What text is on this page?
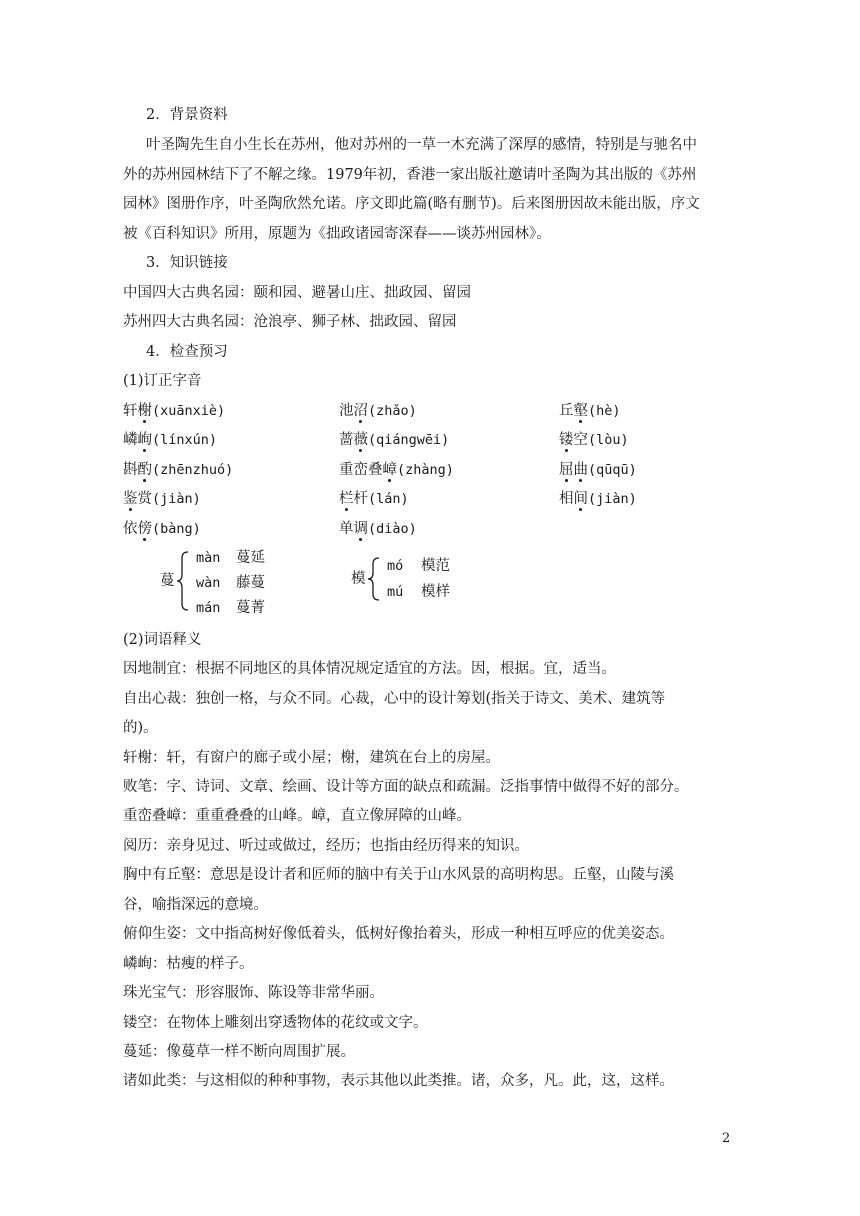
2．背景资料
叶圣陶先生自小生长在苏州，他对苏州的一草一木充满了深厚的感情，特别是与驰名中
外的苏州园林结下了不解之缘。1979年初，香港一家出版社邀请叶圣陶为其出版的《苏州
园林》图册作序，叶圣陶欣然允诺。序文即此篇(略有删节)。后来图册因故未能出版，序文
被《百科知识》所用，原题为《拙政诸园寄深春——谈苏州园林》。
3．知识链接
中国四大古典名园：颐和园、避暑山庄、拙政园、留园
苏州四大古典名园：沧浪亭、狮子林、拙政园、留园
4．检查预习
(1)订正字音
轩榭(xuānxiè)	池沼(zhǎo)	丘壑(hè)
嶙峋(línxún)	蔷薇(qiángwēi)	镂空(lòu)
斟酌(zhēnzhuó)	重峦叠嶂(zhàng)	屈曲(qūqū)
鉴赏(jiàn)	栏杆(lán)	相间(jiàn)
依傍(bàng)	单调(diào)
蔓
màn 蔓延
wàn 藤蔓
mán 蔓菁
模
mó 模范
mú 模样
(2)词语释义
因地制宜：根据不同地区的具体情况规定适宜的方法。因，根据。宜，适当。
自出心裁：独创一格，与众不同。心裁，心中的设计筹划(指关于诗文、美术、建筑等
的)。
轩榭：轩，有窗户的廊子或小屋；榭，建筑在台上的房屋。
败笔：字、诗词、文章、绘画、设计等方面的缺点和疏漏。泛指事情中做得不好的部分。
重峦叠嶂：重重叠叠的山峰。嶂，直立像屏障的山峰。
阅历：亲身见过、听过或做过，经历；也指由经历得来的知识。
胸中有丘壑：意思是设计者和匠师的脑中有关于山水风景的高明构思。丘壑，山陵与溪
谷，喻指深远的意境。
俯仰生姿：文中指高树好像低着头，低树好像抬着头，形成一种相互呼应的优美姿态。
嶙峋：枯瘦的样子。
珠光宝气：形容服饰、陈设等非常华丽。
镂空：在物体上雕刻出穿透物体的花纹或文字。
蔓延：像蔓草一样不断向周围扩展。
诸如此类：与这相似的种种事物，表示其他以此类推。诸，众多，凡。此，这，这样。
2
